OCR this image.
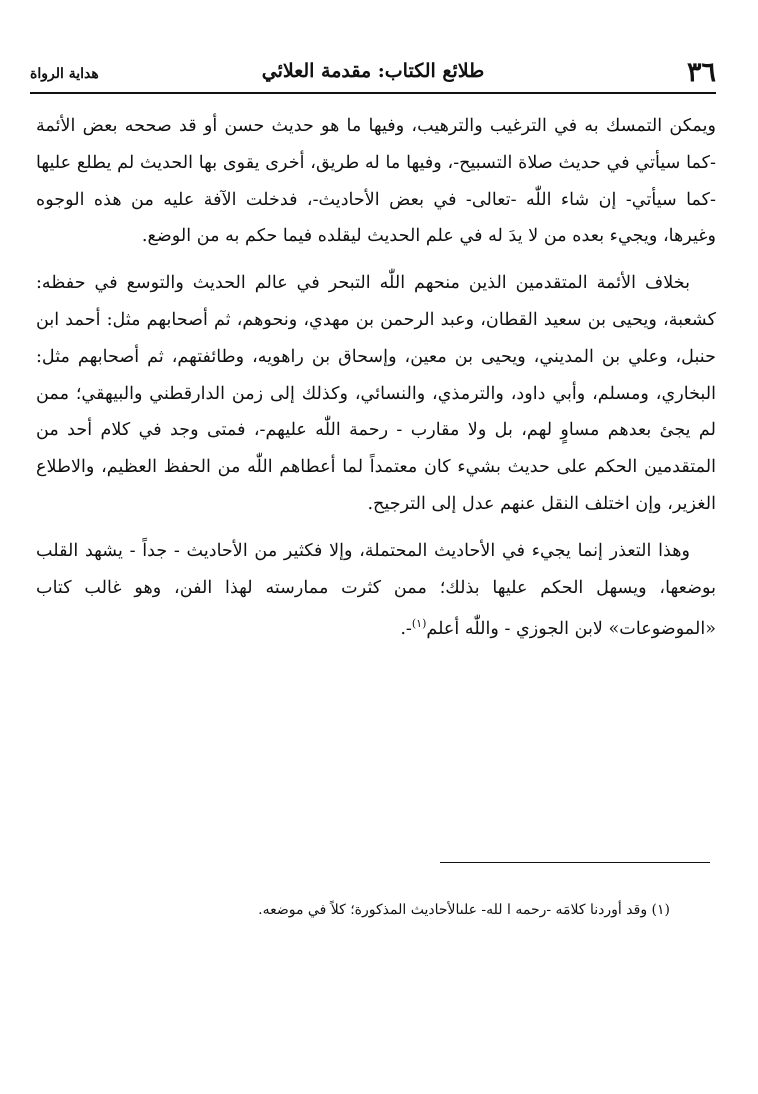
٣٦
طلائع الكتاب: مقدمة العلائي
هداية الرواة

ويمكن التمسك به في الترغيب والترهيب، وفيها ما هو حديث حسن أو قد صححه بعض الأئمة -كما سيأتي في حديث صلاة التسبيح-، وفيها ما له طريق، أخرى يقوى بها الحديث لم يطلع عليها -كما سيأتي- إن شاء اللّٰه -تعالى- في بعض الأحاديث-، فدخلت الآفة عليه من هذه الوجوه وغيرها، ويجيء بعده من لا يدَ له في علم الحديث ليقلده فيما حكم به من الوضع.

بخلاف الأئمة المتقدمين الذين منحهم اللّٰه التبحر في عالم الحديث والتوسع في حفظه: كشعبة، ويحيى بن سعيد القطان، وعبد الرحمن بن مهدي، ونحوهم، ثم أصحابهم مثل: أحمد ابن حنبل، وعلي بن المديني، ويحيى بن معين، وإسحاق بن راهويه، وطائفتهم، ثم أصحابهم مثل: البخاري، ومسلم، وأبي داود، والترمذي، والنسائي، وكذلك إلى زمن الدارقطني والبيهقي؛ ممن لم يجئ بعدهم مساوٍ لهم، بل ولا مقارب - رحمة اللّٰه عليهم-، فمتى وجد في كلام أحد من المتقدمين الحكم على حديث بشيء كان معتمداً لما أعطاهم اللّٰه من الحفظ العظيم، والاطلاع الغزير، وإن اختلف النقل عنهم عدل إلى الترجيح.

وهذا التعذر إنما يجيء في الأحاديث المحتملة، وإلا فكثير من الأحاديث - جداً - يشهد القلب بوضعها، ويسهل الحكم عليها بذلك؛ ممن كثرت ممارسته لهذا الفن، وهو غالب كتاب «الموضوعات» لابن الجوزي - واللّٰه أعلم$^{(١)}$-.

(١) وقد أوردنا كلامَه -رحمه ا لله- علىالأحاديث المذكورة؛ كلاً في موضعه.
